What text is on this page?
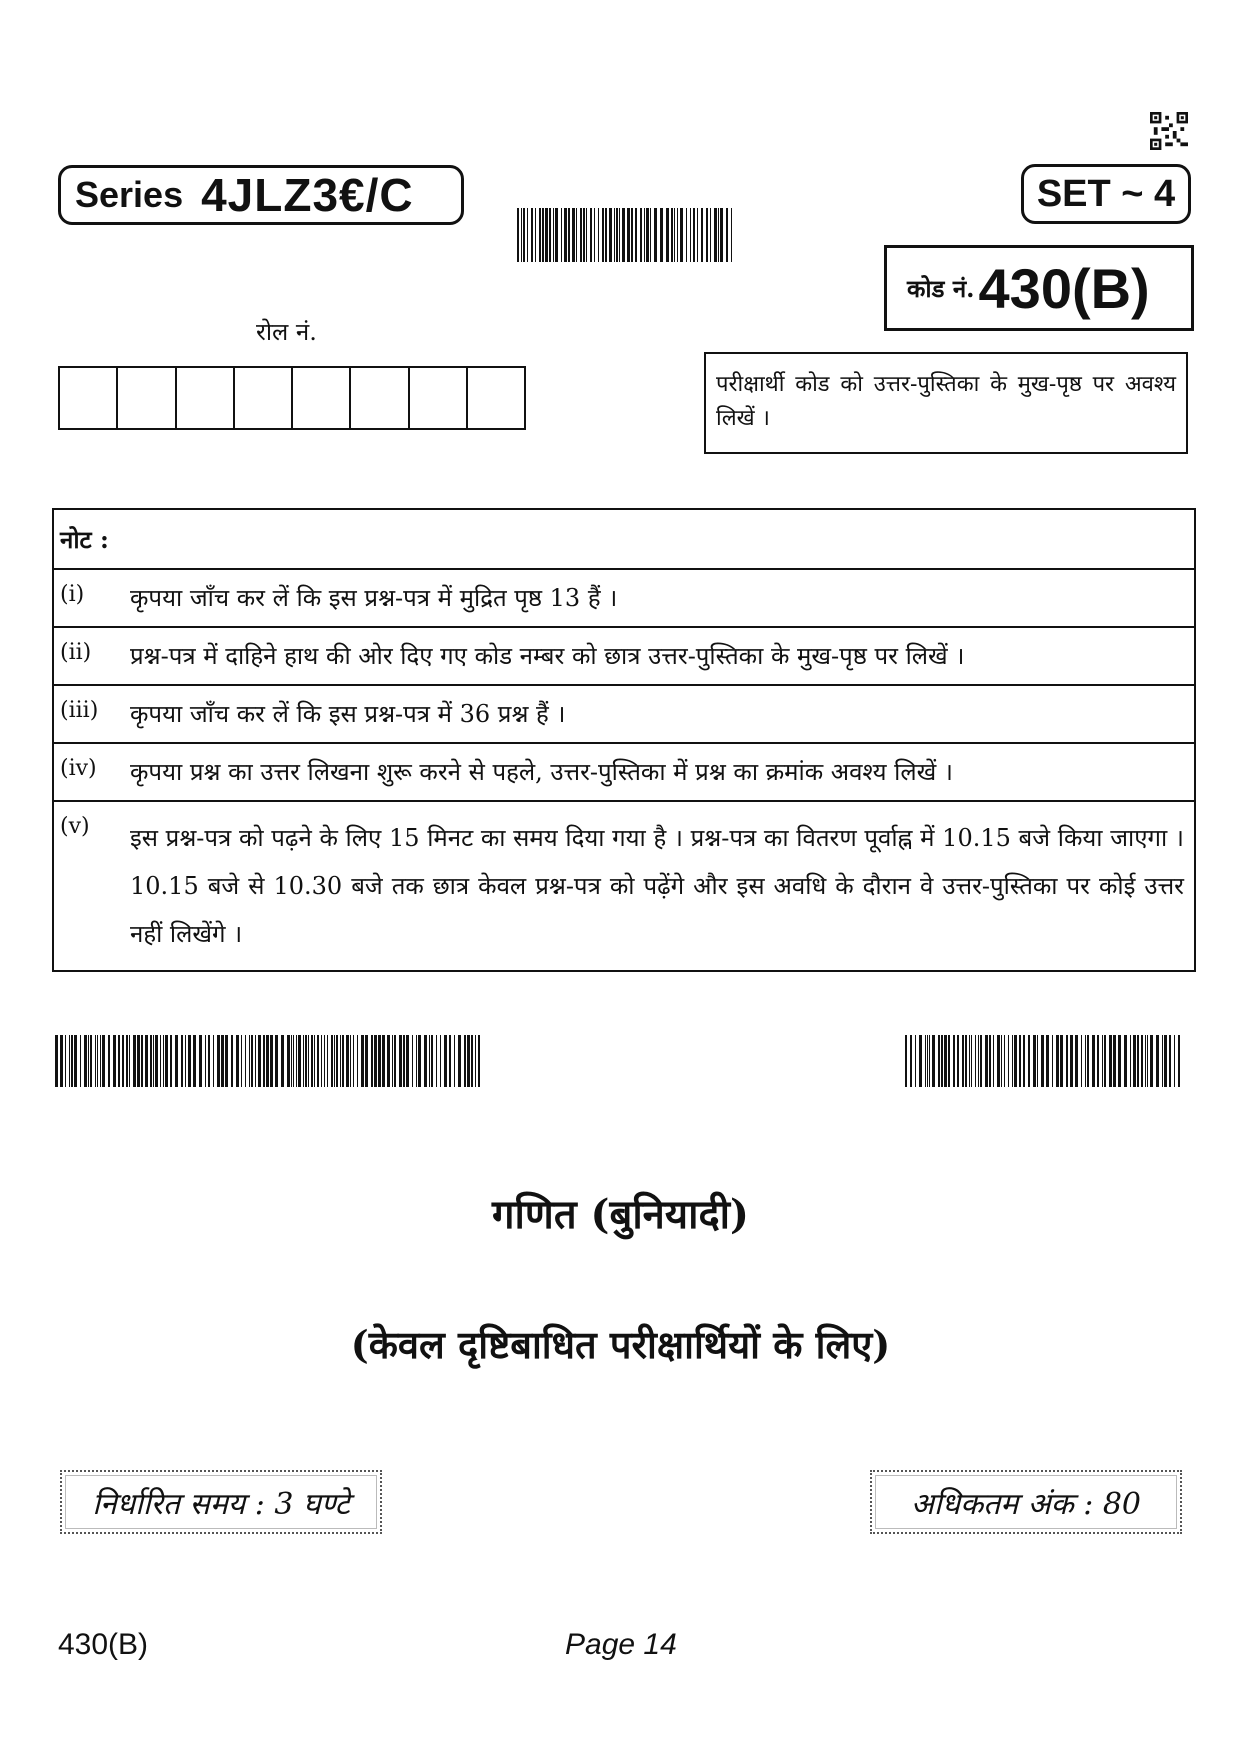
Series 4JLZ3€/C	SET ~ 4
कोड नं. 430(B)
रोल नं.
परीक्षार्थी कोड को उत्तर-पुस्तिका के मुख-पृष्ठ पर अवश्य लिखें ।
नोट :
(i)	कृपया जाँच कर लें कि इस प्रश्न-पत्र में मुद्रित पृष्ठ 13 हैं ।
(ii)	प्रश्न-पत्र में दाहिने हाथ की ओर दिए गए कोड नम्बर को छात्र उत्तर-पुस्तिका के मुख-पृष्ठ पर लिखें ।
(iii)	कृपया जाँच कर लें कि इस प्रश्न-पत्र में 36 प्रश्न हैं ।
(iv)	कृपया प्रश्न का उत्तर लिखना शुरू करने से पहले, उत्तर-पुस्तिका में प्रश्न का क्रमांक अवश्य लिखें ।
(v)	इस प्रश्न-पत्र को पढ़ने के लिए 15 मिनट का समय दिया गया है । प्रश्न-पत्र का वितरण पूर्वाह्न में 10.15 बजे किया जाएगा । 10.15 बजे से 10.30 बजे तक छात्र केवल प्रश्न-पत्र को पढ़ेंगे और इस अवधि के दौरान वे उत्तर-पुस्तिका पर कोई उत्तर नहीं लिखेंगे ।
गणित (बुनियादी)
(केवल दृष्टिबाधित परीक्षार्थियों के लिए)
निर्धारित समय : 3 घण्टे	अधिकतम अंक : 80
430(B)	Page 14
